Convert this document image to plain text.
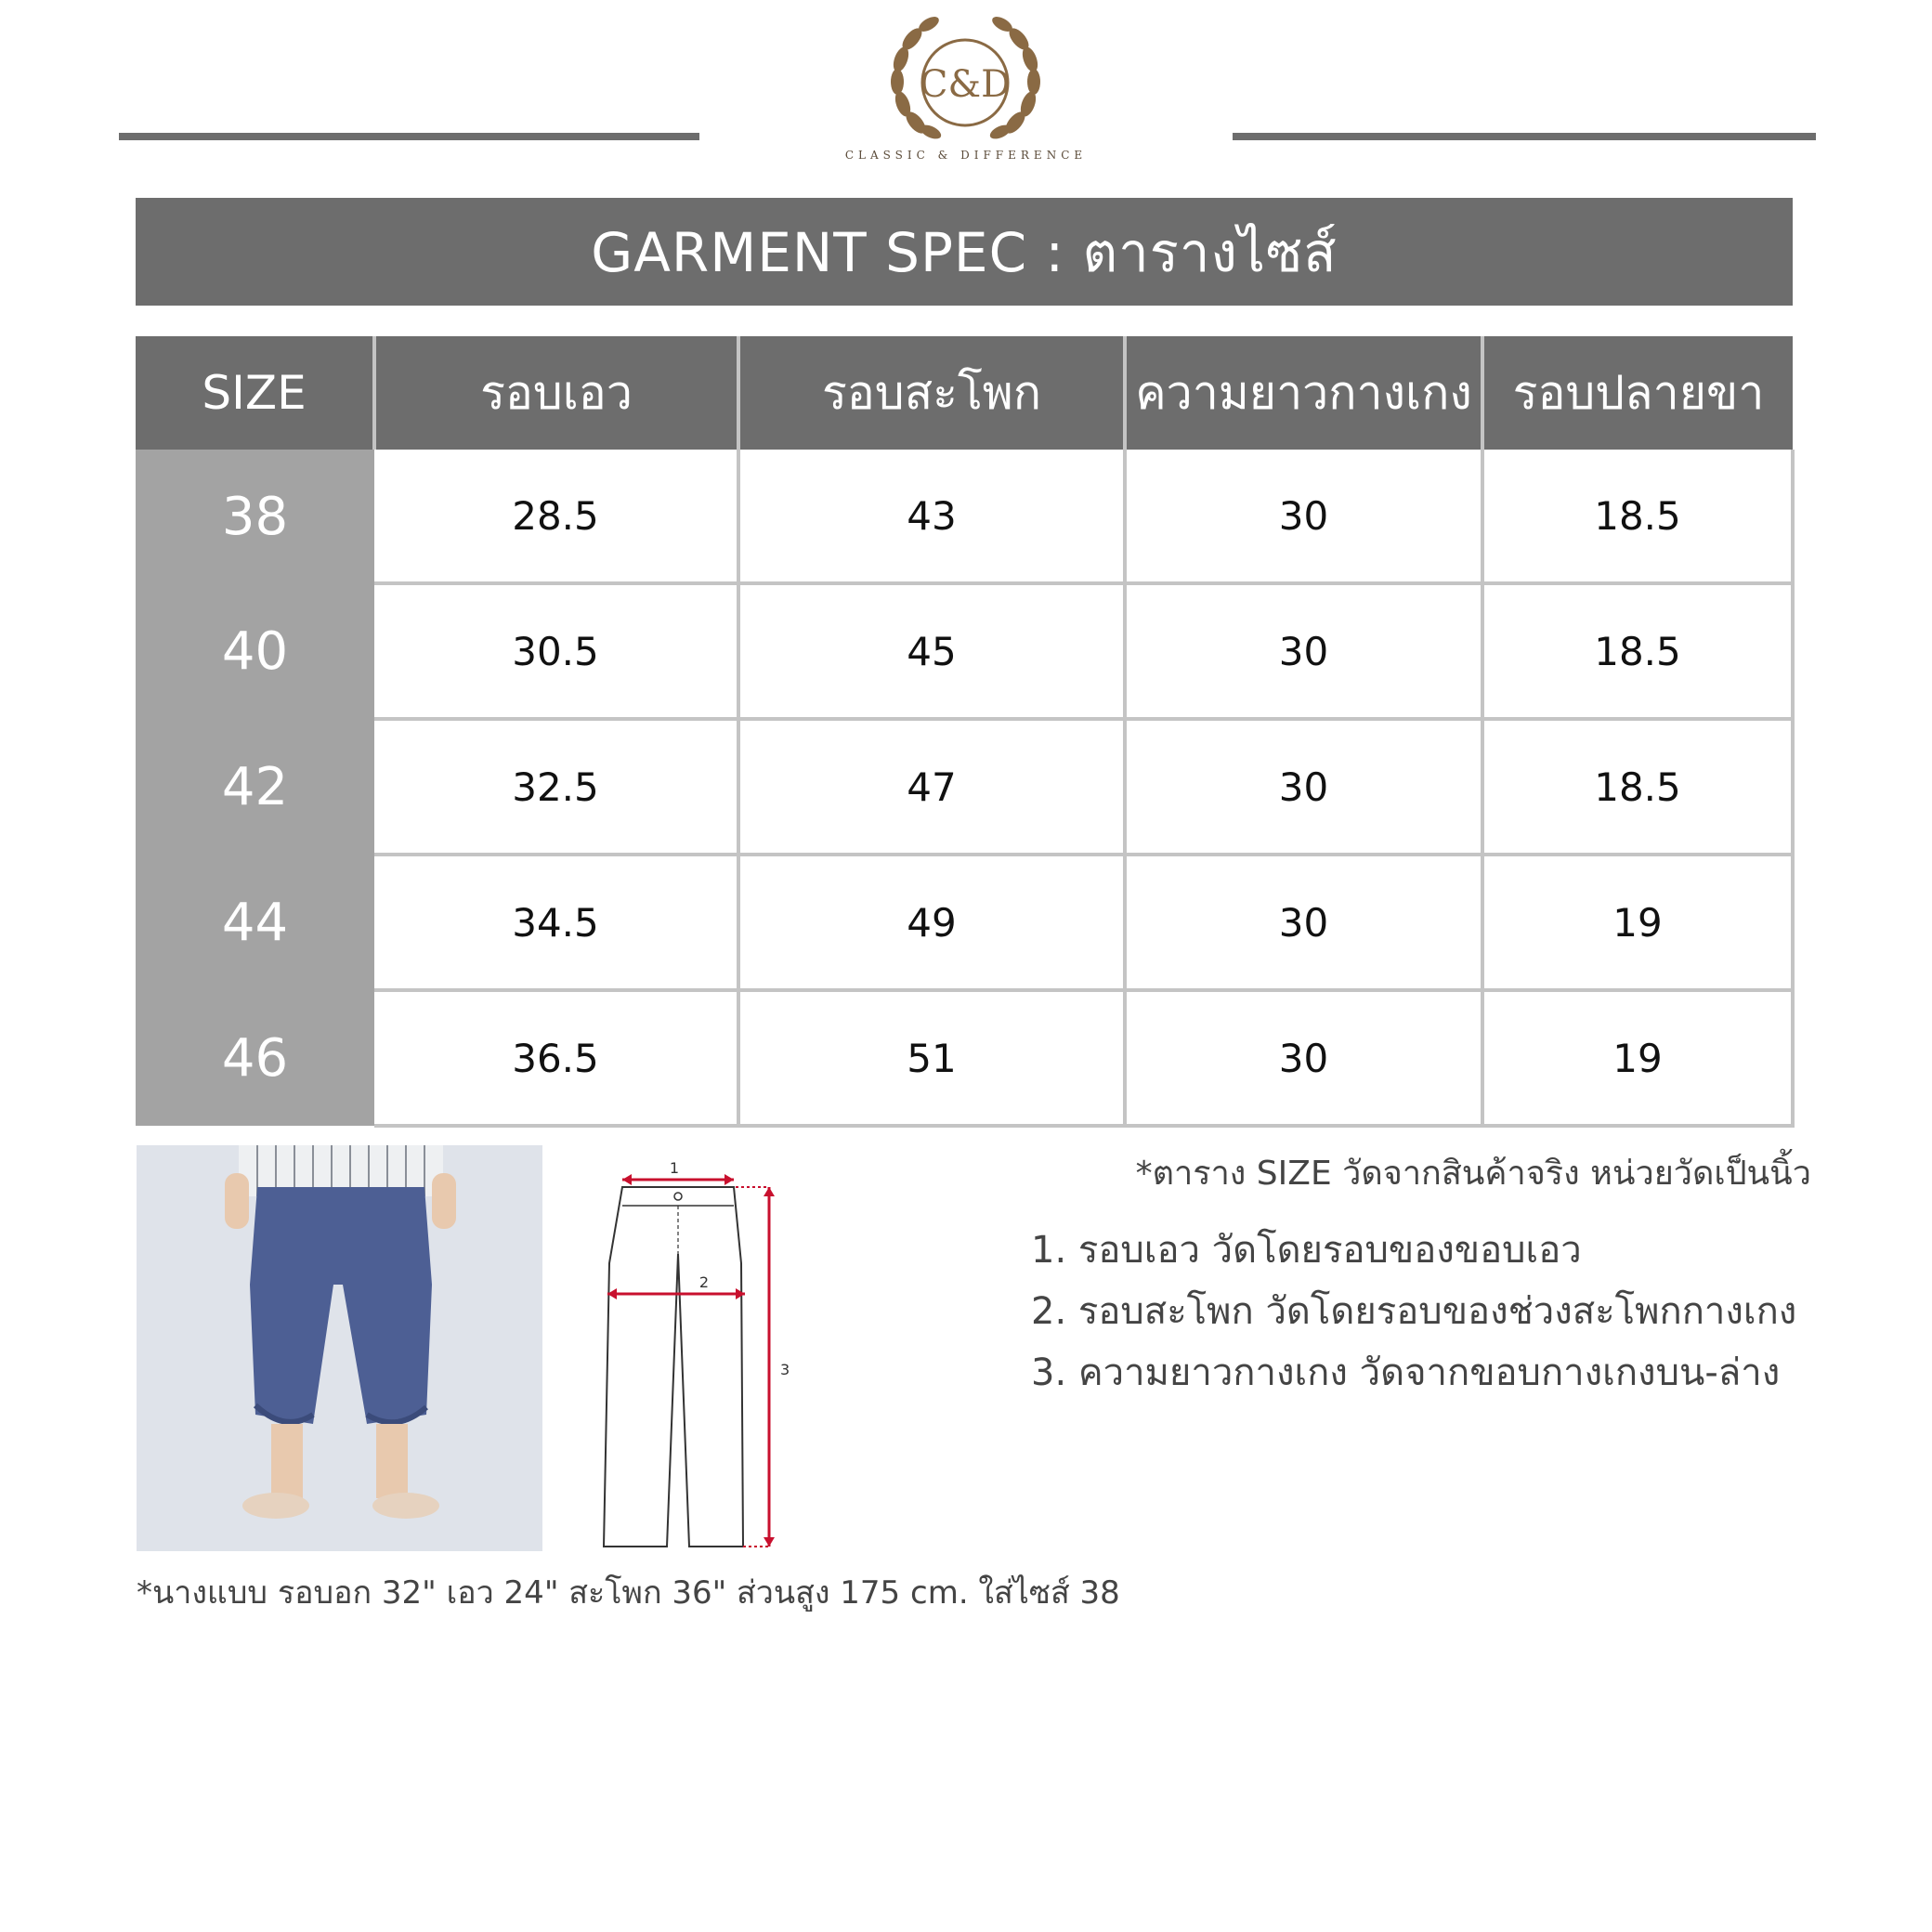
C&D
CLASSIC & DIFFERENCE
GARMENT SPEC : ตารางไซส์
SIZE	รอบเอว	รอบสะโพก	ความยาวกางเกง	รอบปลายขา
38	28.5	43	30	18.5
40	30.5	45	30	18.5
42	32.5	47	30	18.5
44	34.5	49	30	19
46	36.5	51	30	19
1
2
3

*ตาราง SIZE วัดจากสินค้าจริง หน่วยวัดเป็นนิ้ว

1. รอบเอว วัดโดยรอบของขอบเอว

2. รอบสะโพก วัดโดยรอบของช่วงสะโพกกางเกง

3. ความยาวกางเกง วัดจากขอบกางเกงบน-ล่าง

*นางแบบ รอบอก 32" เอว 24" สะโพก 36" ส่วนสูง 175 cm. ใส่ไซส์ 38
